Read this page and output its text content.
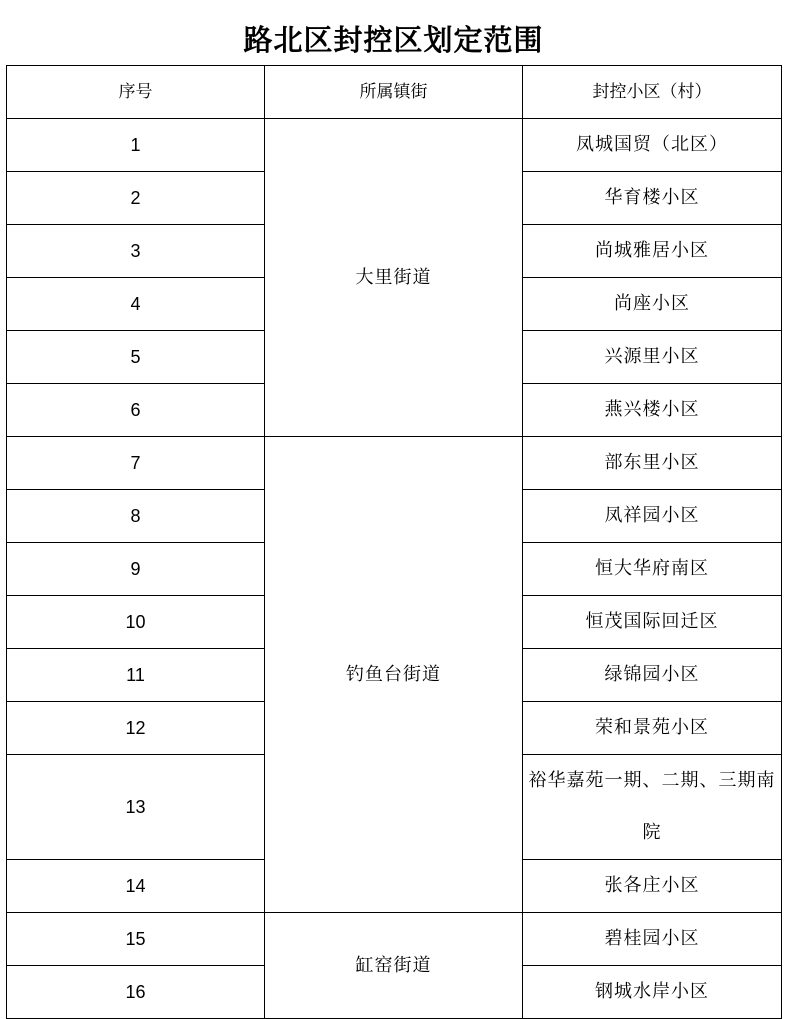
路北区封控区划定范围
序号	所属镇街	封控小区（村）
1	大里街道	凤城国贸（北区）
2		华育楼小区
3		尚城雅居小区
4		尚座小区
5		兴源里小区
6		燕兴楼小区
7	钓鱼台街道	部东里小区
8		凤祥园小区
9		恒大华府南区
10		恒茂国际回迁区
11		绿锦园小区
12		荣和景苑小区
13		裕华嘉苑一期、二期、三期南院
14		张各庄小区
15	缸窑街道	碧桂园小区
16		钢城水岸小区
